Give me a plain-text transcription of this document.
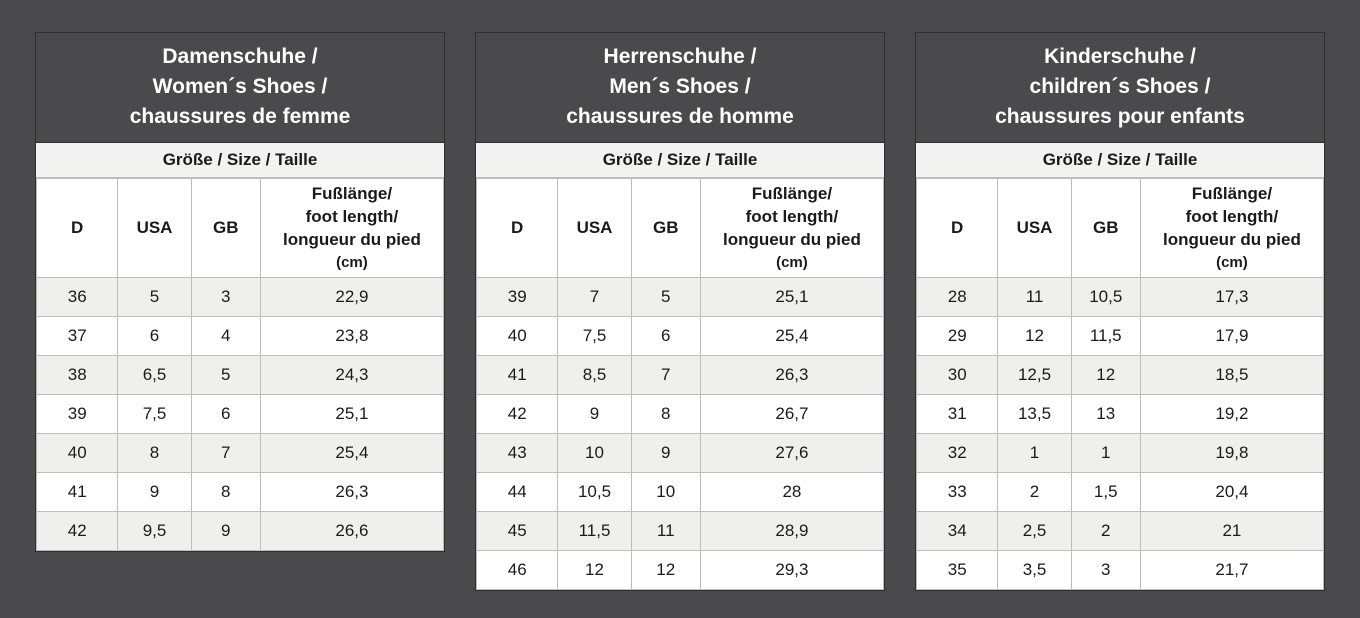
Damenschuhe /
Women´s Shoes /
chaussures de femme
Größe / Size / Taille
D	USA	GB	Fußlänge/
foot length/
longueur du pied
(cm)

36	5	3	22,9
37	6	4	23,8
38	6,5	5	24,3
39	7,5	6	25,1
40	8	7	25,4
41	9	8	26,3
42	9,5	9	26,6
Herrenschuhe /
Men´s Shoes /
chaussures de homme
Größe / Size / Taille
D	USA	GB	Fußlänge/
foot length/
longueur du pied
(cm)

39	7	5	25,1
40	7,5	6	25,4
41	8,5	7	26,3
42	9	8	26,7
43	10	9	27,6
44	10,5	10	28
45	11,5	11	28,9
46	12	12	29,3
Kinderschuhe /
children´s Shoes /
chaussures pour enfants
Größe / Size / Taille
D	USA	GB	Fußlänge/
foot length/
longueur du pied
(cm)

28	11	10,5	17,3
29	12	11,5	17,9
30	12,5	12	18,5
31	13,5	13	19,2
32	1	1	19,8
33	2	1,5	20,4
34	2,5	2	21
35	3,5	3	21,7
